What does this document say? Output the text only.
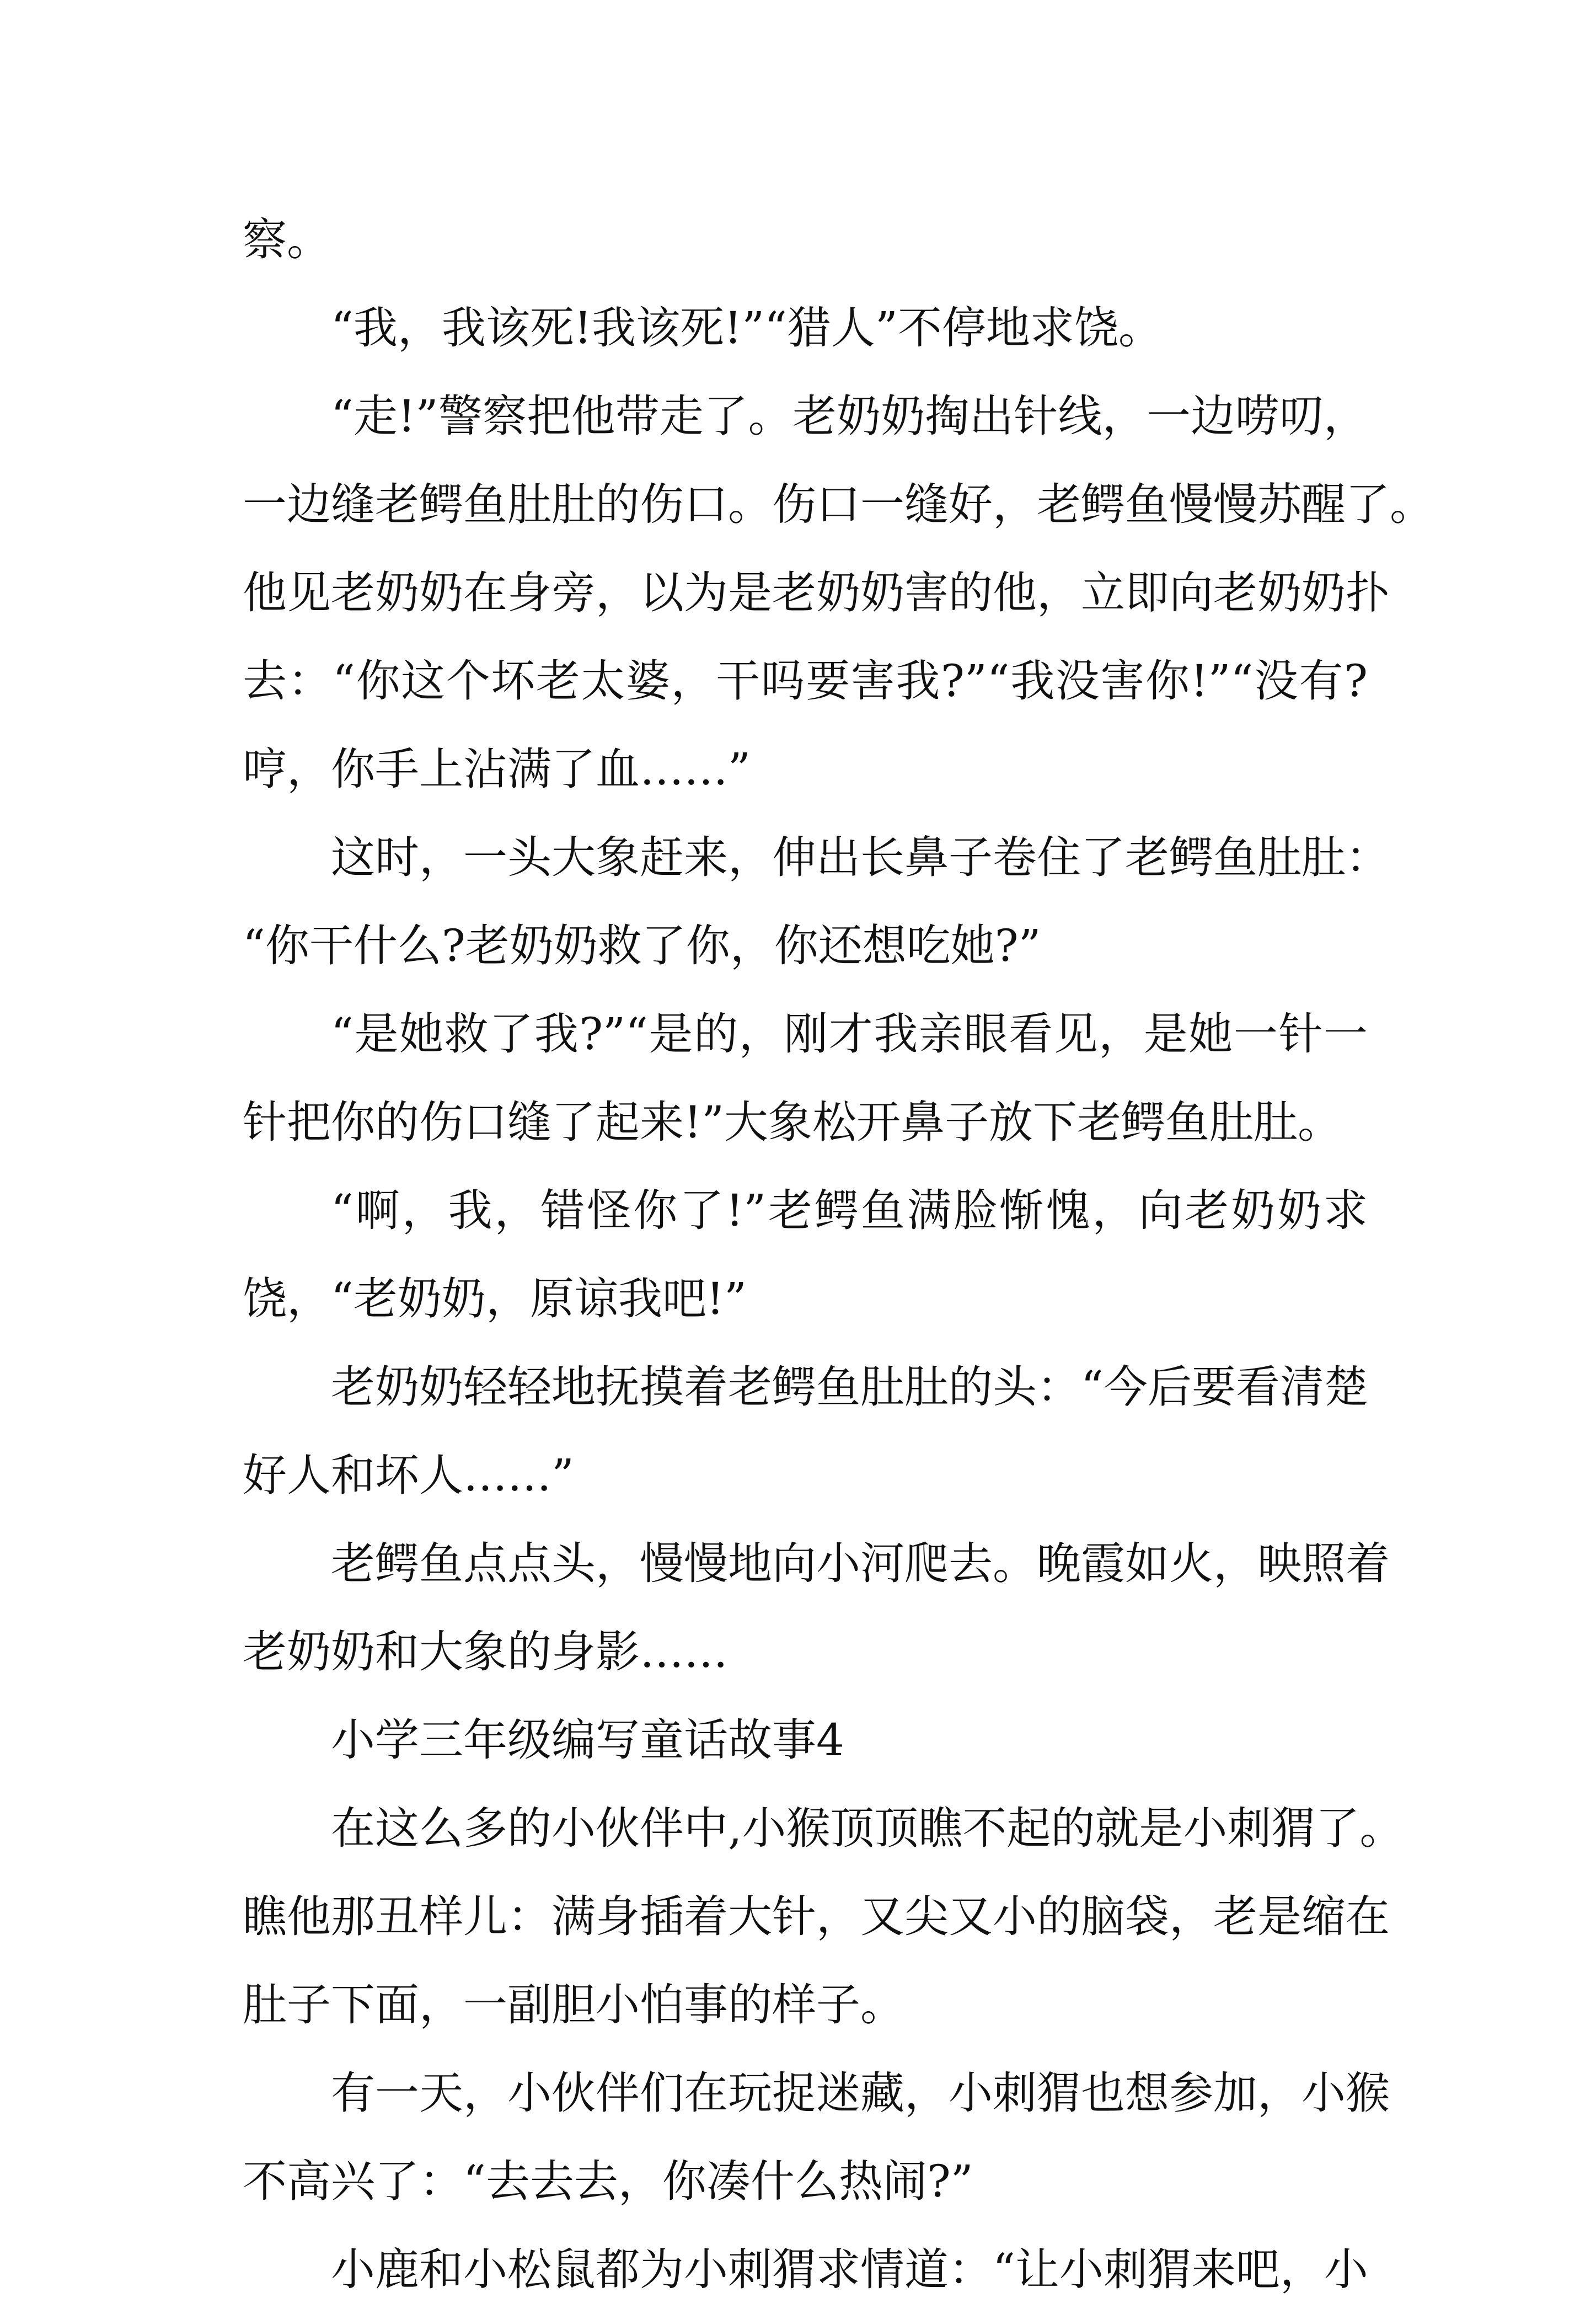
察。
“我，我该死!我该死!”“猎人”不停地求饶。
“走!”警察把他带走了。老奶奶掏出针线，一边唠叨，
一边缝老鳄鱼肚肚的伤口。伤口一缝好，老鳄鱼慢慢苏醒了。
他见老奶奶在身旁，以为是老奶奶害的他，立即向老奶奶扑
去：“你这个坏老太婆，干吗要害我?”“我没害你!”“没有?
哼，你手上沾满了血……”
这时，一头大象赶来，伸出长鼻子卷住了老鳄鱼肚肚：
“你干什么?老奶奶救了你，你还想吃她?”
“是她救了我?”“是的，刚才我亲眼看见，是她一针一
针把你的伤口缝了起来!”大象松开鼻子放下老鳄鱼肚肚。
“啊，我，错怪你了!”老鳄鱼满脸惭愧，向老奶奶求
饶，“老奶奶，原谅我吧!”
老奶奶轻轻地抚摸着老鳄鱼肚肚的头：“今后要看清楚
好人和坏人……”
老鳄鱼点点头，慢慢地向小河爬去。晚霞如火，映照着
老奶奶和大象的身影……
小学三年级编写童话故事4
在这么多的小伙伴中,小猴顶顶瞧不起的就是小刺猬了。
瞧他那丑样儿：满身插着大针，又尖又小的脑袋，老是缩在
肚子下面，一副胆小怕事的样子。
有一天，小伙伴们在玩捉迷藏，小刺猬也想参加，小猴
不高兴了：“去去去，你凑什么热闹?”
小鹿和小松鼠都为小刺猬求情道：“让小刺猬来吧，小
